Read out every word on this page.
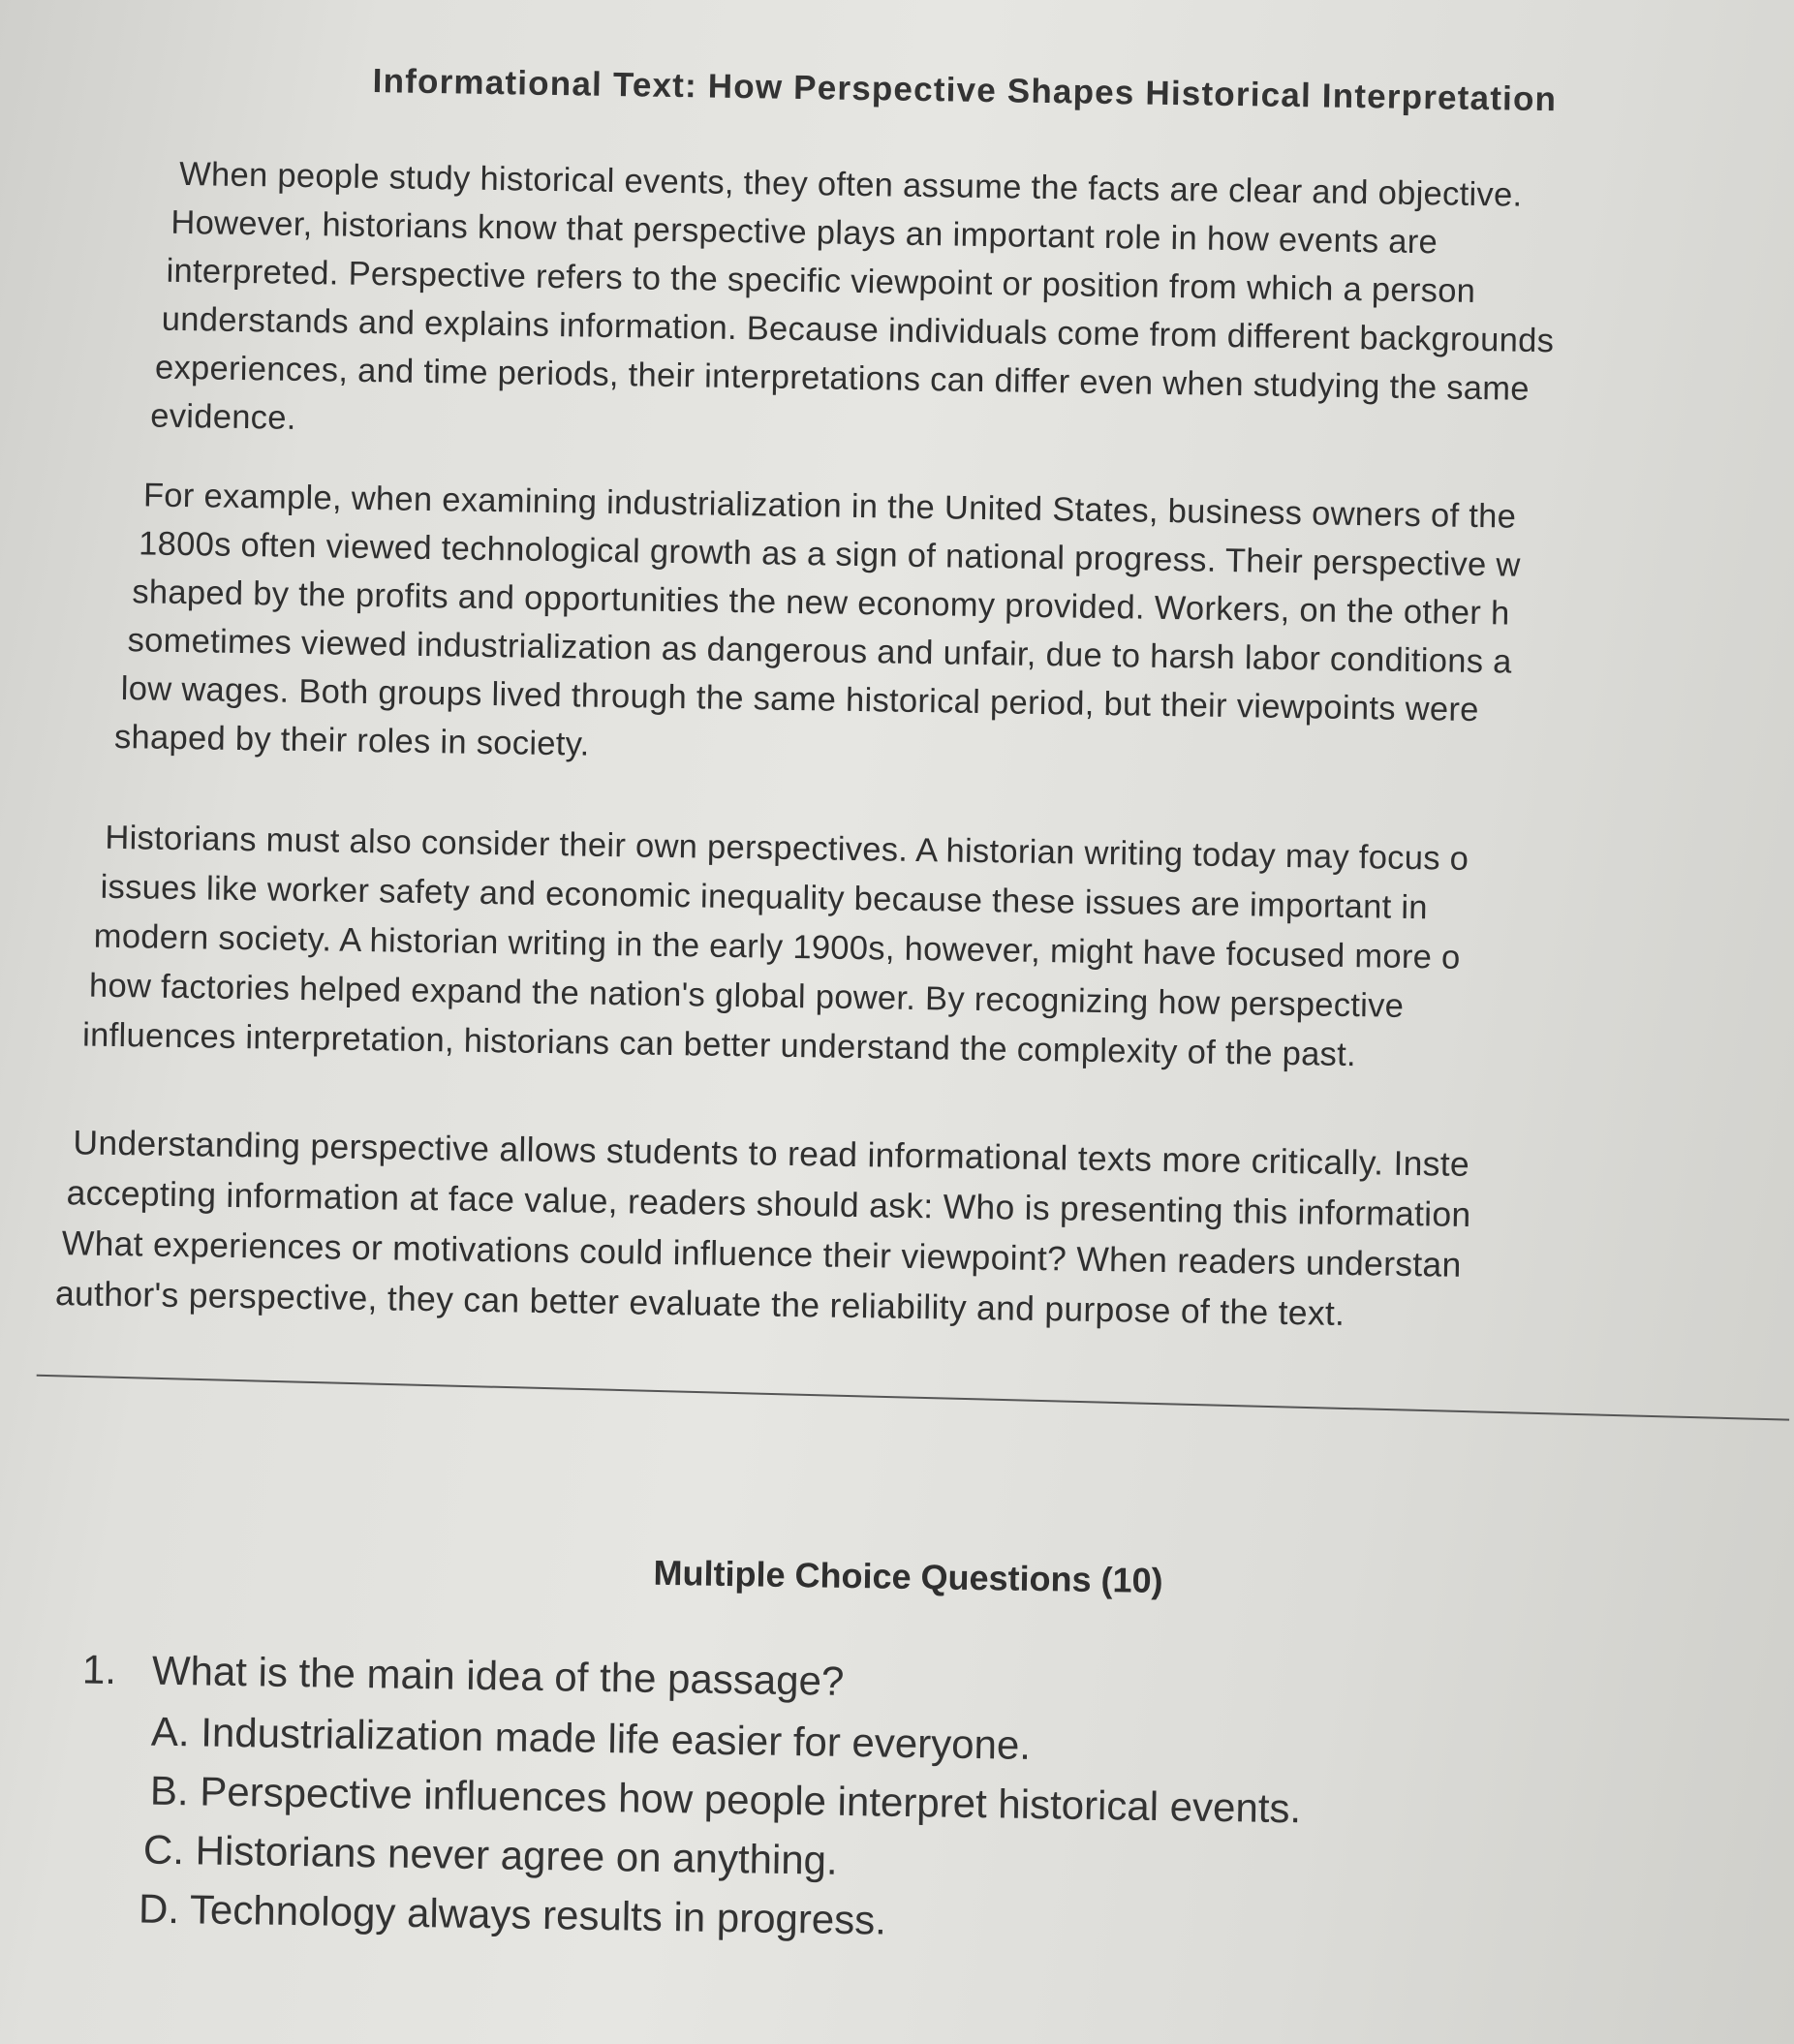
Informational Text: How Perspective Shapes Historical Interpretation

When people study historical events, they often assume the facts are clear and objective.
However, historians know that perspective plays an important role in how events are
interpreted. Perspective refers to the specific viewpoint or position from which a person
understands and explains information. Because individuals come from different backgrounds
experiences, and time periods, their interpretations can differ even when studying the same
evidence.

For example, when examining industrialization in the United States, business owners of the
1800s often viewed technological growth as a sign of national progress. Their perspective w
shaped by the profits and opportunities the new economy provided. Workers, on the other h
sometimes viewed industrialization as dangerous and unfair, due to harsh labor conditions a
low wages. Both groups lived through the same historical period, but their viewpoints were
shaped by their roles in society.

Historians must also consider their own perspectives. A historian writing today may focus o
issues like worker safety and economic inequality because these issues are important in
modern society. A historian writing in the early 1900s, however, might have focused more o
how factories helped expand the nation's global power. By recognizing how perspective
influences interpretation, historians can better understand the complexity of the past.

Understanding perspective allows students to read informational texts more critically. Inste
accepting information at face value, readers should ask: Who is presenting this information
What experiences or motivations could influence their viewpoint? When readers understan
author's perspective, they can better evaluate the reliability and purpose of the text.

Multiple Choice Questions (10)
1. What is the main idea of the passage?
A. Industrialization made life easier for everyone.
B. Perspective influences how people interpret historical events.
C. Historians never agree on anything.
D. Technology always results in progress.
